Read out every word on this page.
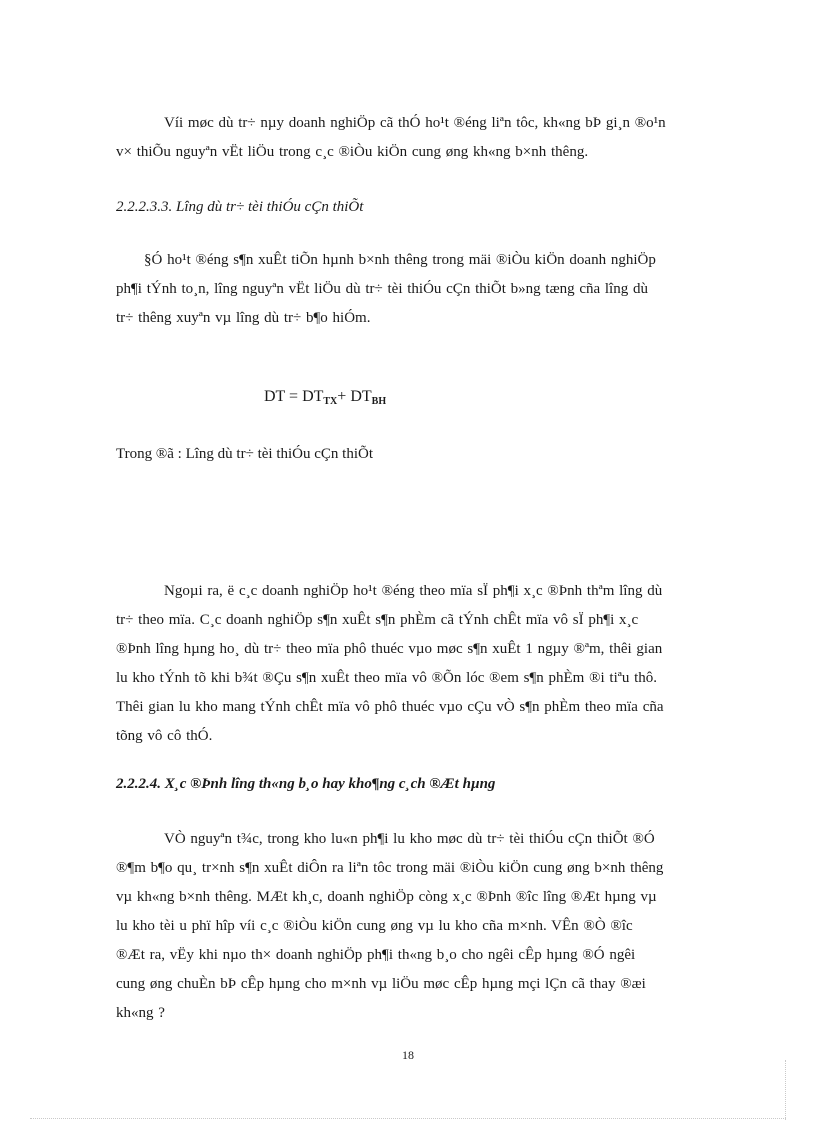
Víi møc dù tr÷ nµy doanh nghiÖp cã thÓ ho¹t ®éng liªn tôc, kh«ng bÞ gi¸n ®o¹n
v× thiÕu nguyªn vËt liÖu trong c¸c ®iÒu kiÖn cung øng kh«ng b×nh thêng.

2.2.2.3.3. Lîng dù tr÷ tèi thiÓu cÇn thiÕt

§Ó ho¹t ®éng s¶n xuÊt tiÕn hµnh b×nh thêng trong mäi ®iÒu kiÖn doanh nghiÖp
ph¶i tÝnh to¸n, lîng nguyªn vËt liÖu dù tr÷ tèi thiÓu cÇn thiÕt b»ng tæng cña lîng dù
tr÷ thêng xuyªn vµ lîng dù tr÷ b¶o hiÓm.

DT = $DT_{TX}+ DT_{BH}$

Trong ®ã : Lîng dù tr÷ tèi thiÓu cÇn thiÕt

Ngoµi ra, ë c¸c doanh nghiÖp ho¹t ®éng theo mïa sÏ ph¶i x¸c ®Þnh thªm lîng dù
tr÷ theo mïa. C¸c doanh nghiÖp s¶n xuÊt s¶n phÈm cã tÝnh chÊt mïa vô sÏ ph¶i x¸c
®Þnh lîng hµng ho¸ dù tr÷ theo mïa phô thuéc vµo møc s¶n xuÊt 1 ngµy ®ªm, thêi gian
lu kho tÝnh tõ khi b¾t ®Çu s¶n xuÊt theo mïa vô ®Õn lóc ®em s¶n phÈm ®i tiªu thô.
Thêi gian lu kho mang tÝnh chÊt mïa vô phô thuéc vµo cÇu vÒ s¶n phÈm theo mïa cña
tõng vô cô thÓ.

2.2.2.4. X¸c ®Þnh lîng th«ng b¸o hay kho¶ng c¸ch ®Æt hµng

VÒ nguyªn t¾c, trong kho lu«n ph¶i lu kho møc dù tr÷ tèi thiÓu cÇn thiÕt ®Ó
®¶m b¶o qu¸ tr×nh s¶n xuÊt diÔn ra liªn tôc trong mäi ®iÒu kiÖn cung øng b×nh thêng
vµ kh«ng b×nh thêng. MÆt kh¸c, doanh nghiÖp còng x¸c ®Þnh ®îc lîng ®Æt hµng vµ
lu kho tèi u phï hîp víi c¸c ®iÒu kiÖn cung øng vµ lu kho cña m×nh. VÊn ®Ò ®îc
®Æt ra, vËy khi nµo th× doanh nghiÖp ph¶i th«ng b¸o cho ngêi cÊp hµng ®Ó ngêi
cung øng chuÈn bÞ cÊp hµng cho m×nh vµ liÖu møc cÊp hµng mçi lÇn cã thay ®æi
kh«ng ?

18
